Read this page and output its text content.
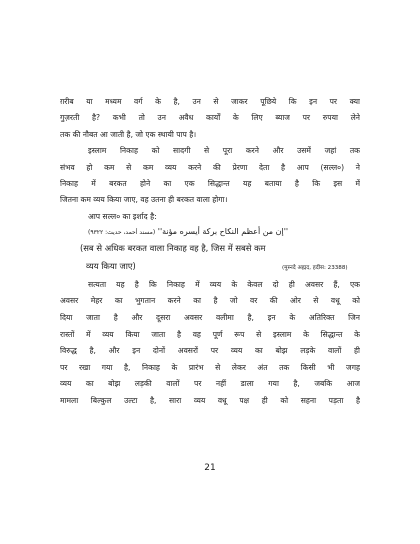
ग़रीब या मध्यम वर्ग के है, उन से जाकर पूछिये कि इन पर क्या
गुज़रती है? कभी तो उन अवैध कार्यों के लिए ब्याज पर रुपया लेने
तक की नौबत आ जाती है, जो एक स्थायी पाप है।
इस्लाम निकाह को सादगी से पूरा करने और उसमें जहां तक
संभव हो कम से कम व्यय करने की प्रेरणा देता है आप (सल्ल०) ने
निकाह में बरकत होने का एक सिद्धान्त यह बताया है कि इस में
जितना कम व्यय किया जाए, वह उतना ही बरकत वाला होगा।
आप सल्ल० का इर्शाद है:
''إن من أعظم النكاح بركة أيسره مؤنة'' (مسند أحمد، حديث: ٩٣٢٢)
(सब से अधिक बरकत वाला निकाह वह है, जिस में सबसे कम
व्यय किया जाए)	(मुस्नदे अह्मद, हदीस: 23388)
सत्यता यह है कि निकाह में व्यय के केवल दो ही अवसर हैं, एक
अवसर मेहर का भुगतान करने का है जो वर की ओर से वधू को
दिया जाता है और दूसरा अवसर वलीमा है, इन के अतिरिक्त जिन
रास्तों में व्यय किया जाता है वह पूर्ण रूप से इस्लाम के सिद्धान्त के
विरुद्ध है, और इन दोनों अवसरों पर व्यय का बोझ लड़के वालों ही
पर रखा गया है, निकाह के प्रारंभ से लेकर अंत तक किसी भी जगह
व्यय का बोझ लड़की वालों पर नहीं डाला गया है, जबकि आज
मामला बिल्कुल उल्टा है, सारा व्यय वधू पक्ष ही को सहना पड़ता है
21
